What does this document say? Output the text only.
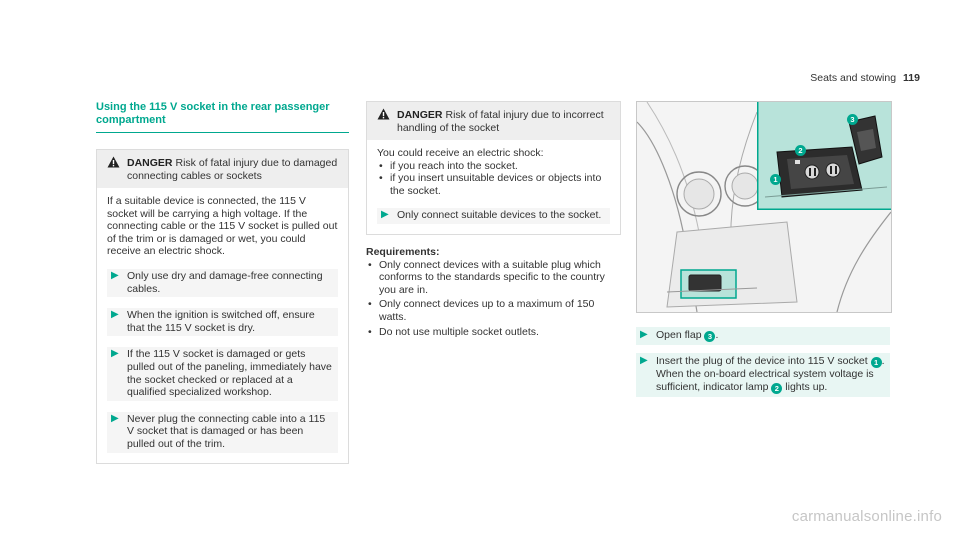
Seats and stowing 119
Using the 115 V socket in the rear passenger compartment
DANGER Risk of fatal injury due to damaged connecting cables or sockets
If a suitable device is connected, the 115 V socket will be carrying a high voltage. If the connecting cable or the 115 V socket is pulled out of the trim or is damaged or wet, you could receive an electric shock.
▶ Only use dry and damage-free connecting cables.
▶ When the ignition is switched off, ensure that the 115 V socket is dry.
▶ If the 115 V socket is damaged or gets pulled out of the paneling, immediately have the socket checked or replaced at a qualified specialized workshop.
▶ Never plug the connecting cable into a 115 V socket that is damaged or has been pulled out of the trim.
DANGER Risk of fatal injury due to incorrect handling of the socket
You could receive an electric shock:
• if you reach into the socket.
• if you insert unsuitable devices or objects into the socket.
▶ Only connect suitable devices to the socket.
Requirements:
• Only connect devices with a suitable plug which conforms to the standards specific to the country you are in.
• Only connect devices up to a maximum of 150 watts.
• Do not use multiple socket outlets.
1
2
3
▶ Open flap 3 .
▶ Insert the plug of the device into 115 V socket 1 .
When the on-board electrical system voltage is sufficient, indicator lamp 2 lights up.
carmanualsonline.info
